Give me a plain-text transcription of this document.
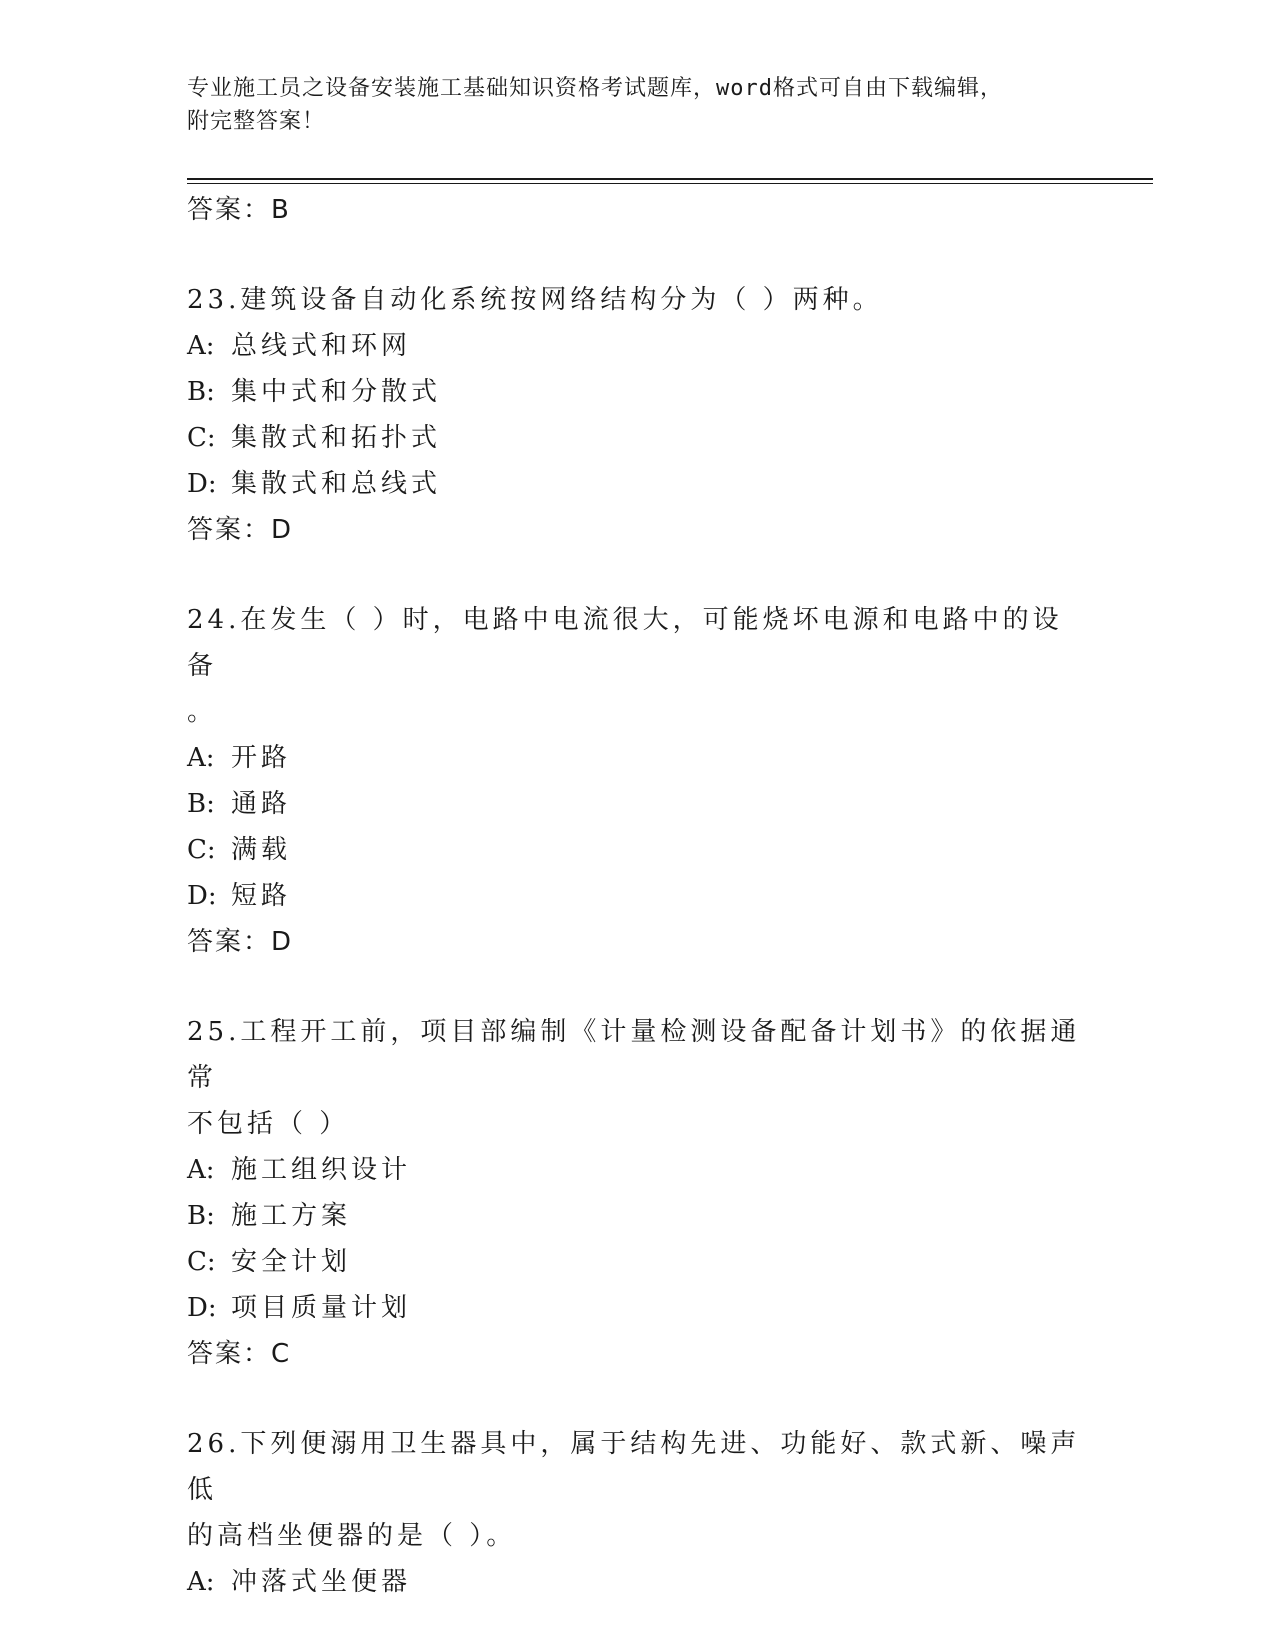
专业施工员之设备安装施工基础知识资格考试题库，word格式可自由下载编辑，
附完整答案！
答案：B
23.建筑设备自动化系统按网络结构分为（ ）两种。
A: 总线式和环网
B: 集中式和分散式
C: 集散式和拓扑式
D: 集散式和总线式
答案：D
24.在发生（ ）时，电路中电流很大，可能烧坏电源和电路中的设备
。
A: 开路
B: 通路
C: 满载
D: 短路
答案：D
25.工程开工前，项目部编制《计量检测设备配备计划书》的依据通常
不包括（ ）
A: 施工组织设计
B: 施工方案
C: 安全计划
D: 项目质量计划
答案：C
26.下列便溺用卫生器具中，属于结构先进、功能好、款式新、噪声低
的高档坐便器的是（ ）。
A: 冲落式坐便器
